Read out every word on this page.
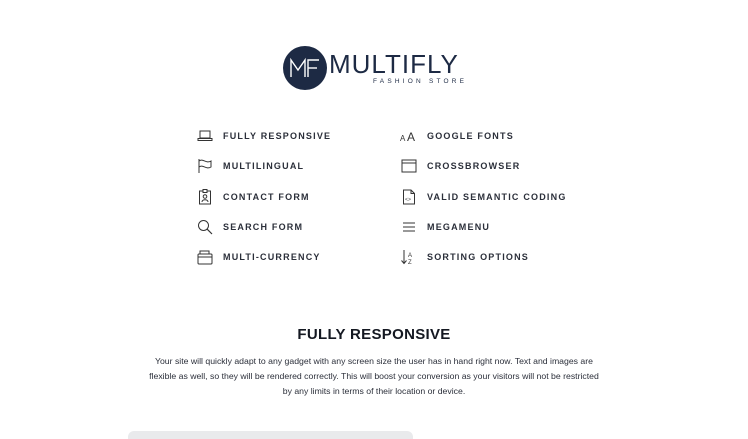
MULTIFLY
FASHION STORE
FULLY RESPONSIVE
MULTILINGUAL
CONTACT FORM
SEARCH FORM
MULTI-CURRENCY
A A GOOGLE FONTS
CROSSBROWSER
<> VALID SEMANTIC CODING
MEGAMENU
A
Z
SORTING OPTIONS
FULLY RESPONSIVE

Your site will quickly adapt to any gadget with any screen size the user has in hand right now. Text and images are flexible as well, so they will be rendered correctly. This will boost your conversion as your visitors will not be restricted by any limits in terms of their location or device.
